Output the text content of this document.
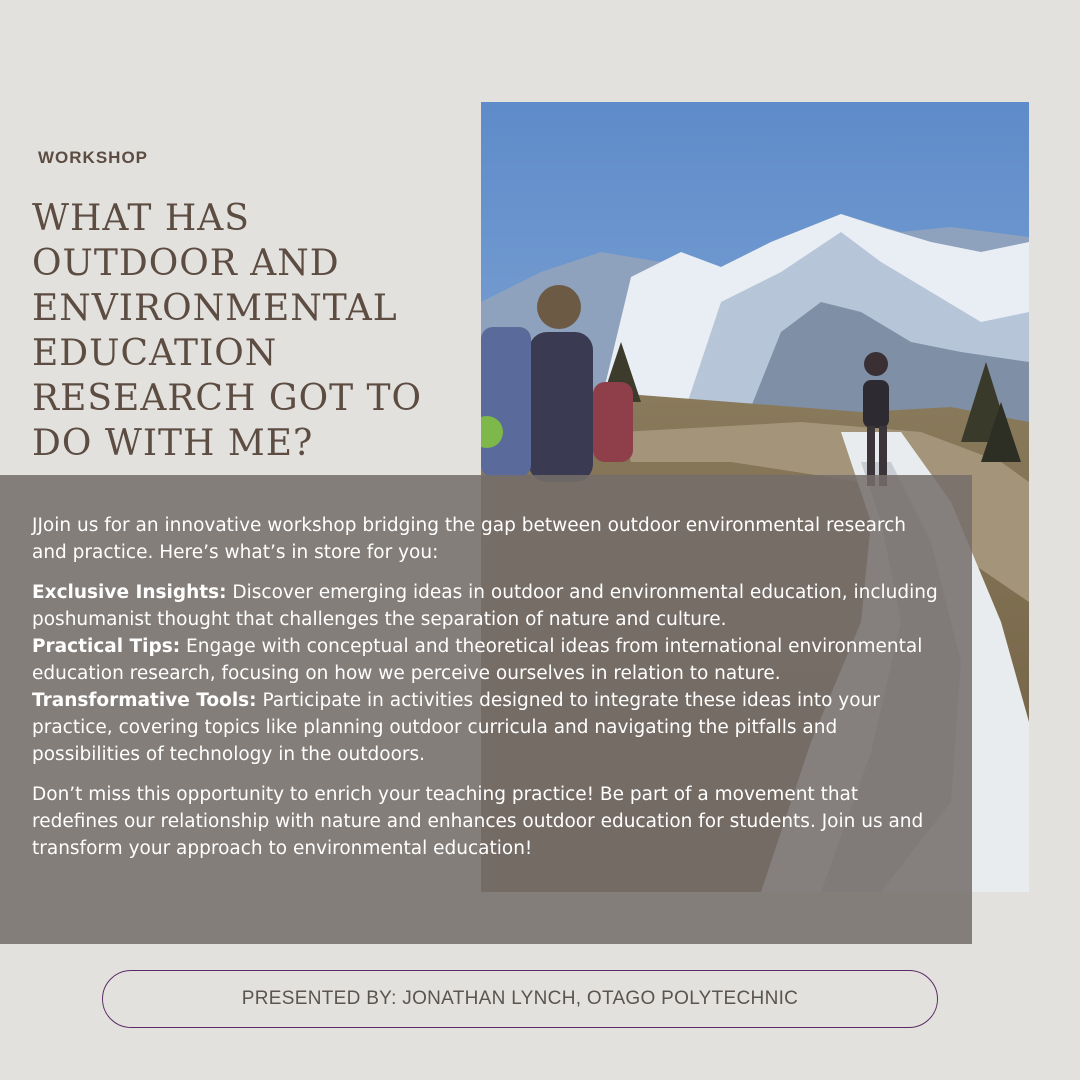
WORKSHOP
WHAT HAS OUTDOOR AND ENVIRONMENTAL EDUCATION RESEARCH GOT TO DO WITH ME?

JJoin us for an innovative workshop bridging the gap between outdoor environmental research and practice. Here’s what’s in store for you:

Exclusive Insights: Discover emerging ideas in outdoor and environmental education, including poshumanist thought that challenges the separation of nature and culture.

Practical Tips: Engage with conceptual and theoretical ideas from international environmental education research, focusing on how we perceive ourselves in relation to nature.

Transformative Tools: Participate in activities designed to integrate these ideas into your practice, covering topics like planning outdoor curricula and navigating the pitfalls and possibilities of technology in the outdoors.

Don’t miss this opportunity to enrich your teaching practice! Be part of a movement that redefines our relationship with nature and enhances outdoor education for students. Join us and transform your approach to environmental education!

PRESENTED BY: JONATHAN LYNCH, OTAGO POLYTECHNIC
